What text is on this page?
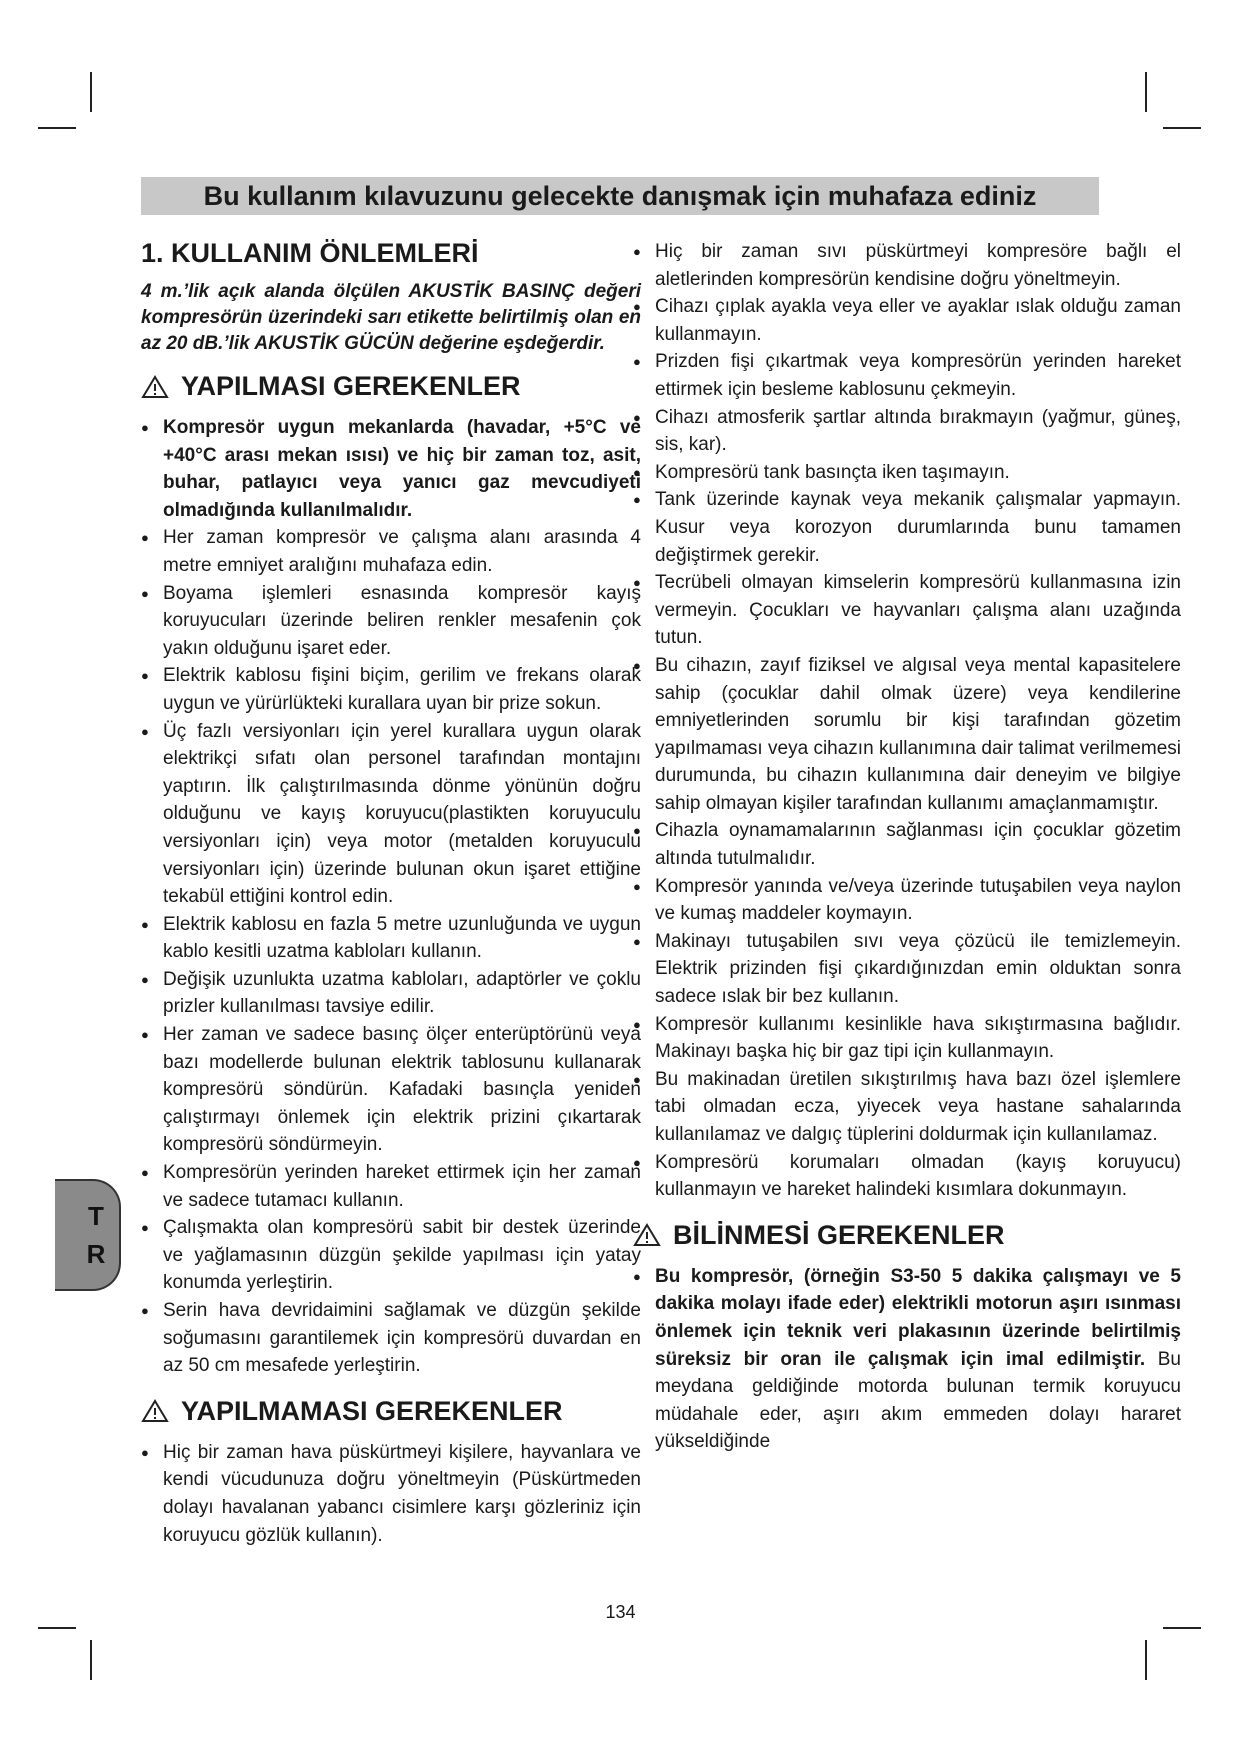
Bu kullanım kılavuzunu gelecekte danışmak için muhafaza ediniz
1. KULLANIM ÖNLEMLERİ

4 m.’lik açık alanda ölçülen AKUSTİK BASINÇ değeri kompresörün üzerindeki sarı etikette belirtilmiş olan en az 20 dB.’lik AKUSTİK GÜCÜN değerine eşdeğerdir.

YAPILMASI GEREKENLER
● Kompresör uygun mekanlarda (havadar, +5°C ve +40°C arası mekan ısısı) ve hiç bir zaman toz, asit, buhar, patlayıcı veya yanıcı gaz mevcudiyeti olmadığında kullanılmalıdır.
● Her zaman kompresör ve çalışma alanı arasında 4 metre emniyet aralığını muhafaza edin.
● Boyama işlemleri esnasında kompresör kayış koruyucuları üzerinde beliren renkler mesafenin çok yakın olduğunu işaret eder.
● Elektrik kablosu fişini biçim, gerilim ve frekans olarak uygun ve yürürlükteki kurallara uyan bir prize sokun.
● Üç fazlı versiyonları için yerel kurallara uygun olarak elektrikçi sıfatı olan personel tarafından montajını yaptırın. İlk çalıştırılmasında dönme yönünün doğru olduğunu ve kayış koruyucu(plastikten koruyuculu versiyonları için) veya motor (metalden koruyuculu versiyonları için) üzerinde bulunan okun işaret ettiğine tekabül ettiğini kontrol edin.
● Elektrik kablosu en fazla 5 metre uzunluğunda ve uygun kablo kesitli uzatma kabloları kullanın.
● Değişik uzunlukta uzatma kabloları, adaptörler ve çoklu prizler kullanılması tavsiye edilir.
● Her zaman ve sadece basınç ölçer enterüptörünü veya bazı modellerde bulunan elektrik tablosunu kullanarak kompresörü söndürün. Kafadaki basınçla yeniden çalıştırmayı önlemek için elektrik prizini çıkartarak kompresörü söndürmeyin.
● Kompresörün yerinden hareket ettirmek için her zaman ve sadece tutamacı kullanın.
● Çalışmakta olan kompresörü sabit bir destek üzerinde ve yağlamasının düzgün şekilde yapılması için yatay konumda yerleştirin.
● Serin hava devridaimini sağlamak ve düzgün şekilde soğumasını garantilemek için kompresörü duvardan en az 50 cm mesafede yerleştirin.
YAPILMAMASI GEREKENLER
● Hiç bir zaman hava püskürtmeyi kişilere, hayvanlara ve kendi vücudunuza doğru yöneltmeyin (Püskürtmeden dolayı havalanan yabancı cisimlere karşı gözleriniz için koruyucu gözlük kullanın).
● Hiç bir zaman sıvı püskürtmeyi kompresöre bağlı el aletlerinden kompresörün kendisine doğru yöneltmeyin.
● Cihazı çıplak ayakla veya eller ve ayaklar ıslak olduğu zaman kullanmayın.
● Prizden fişi çıkartmak veya kompresörün yerinden hareket ettirmek için besleme kablosunu çekmeyin.
● Cihazı atmosferik şartlar altında bırakmayın (yağmur, güneş, sis, kar).
● Kompresörü tank basınçta iken taşımayın.
● Tank üzerinde kaynak veya mekanik çalışmalar yapmayın. Kusur veya korozyon durumlarında bunu tamamen değiştirmek gerekir.
● Tecrübeli olmayan kimselerin kompresörü kullanmasına izin vermeyin. Çocukları ve hayvanları çalışma alanı uzağında tutun.
● Bu cihazın, zayıf fiziksel ve algısal veya mental kapasitelere sahip (çocuklar dahil olmak üzere) veya kendilerine emniyetlerinden sorumlu bir kişi tarafından gözetim yapılmaması veya cihazın kullanımına dair talimat verilmemesi durumunda, bu cihazın kullanımına dair deneyim ve bilgiye sahip olmayan kişiler tarafından kullanımı amaçlanmamıştır.
● Cihazla oynamamalarının sağlanması için çocuklar gözetim altında tutulmalıdır.
● Kompresör yanında ve/veya üzerinde tutuşabilen veya naylon ve kumaş maddeler koymayın.
● Makinayı tutuşabilen sıvı veya çözücü ile temizlemeyin. Elektrik prizinden fişi çıkardığınızdan emin olduktan sonra sadece ıslak bir bez kullanın.
● Kompresör kullanımı kesinlikle hava sıkıştırmasına bağlıdır. Makinayı başka hiç bir gaz tipi için kullanmayın.
● Bu makinadan üretilen sıkıştırılmış hava bazı özel işlemlere tabi olmadan ecza, yiyecek veya hastane sahalarında kullanılamaz ve dalgıç tüplerini doldurmak için kullanılamaz.
● Kompresörü korumaları olmadan (kayış koruyucu) kullanmayın ve hareket halindeki kısımlara dokunmayın.
BİLİNMESİ GEREKENLER
● Bu kompresör, (örneğin S3-50 5 dakika çalışmayı ve 5 dakika molayı ifade eder) elektrikli motorun aşırı ısınması önlemek için teknik veri plakasının üzerinde belirtilmiş süreksiz bir oran ile çalışmak için imal edilmiştir. Bu meydana geldiğinde motorda bulunan termik koruyucu müdahale eder, aşırı akım emmeden dolayı hararet yükseldiğinde
T
R
134
